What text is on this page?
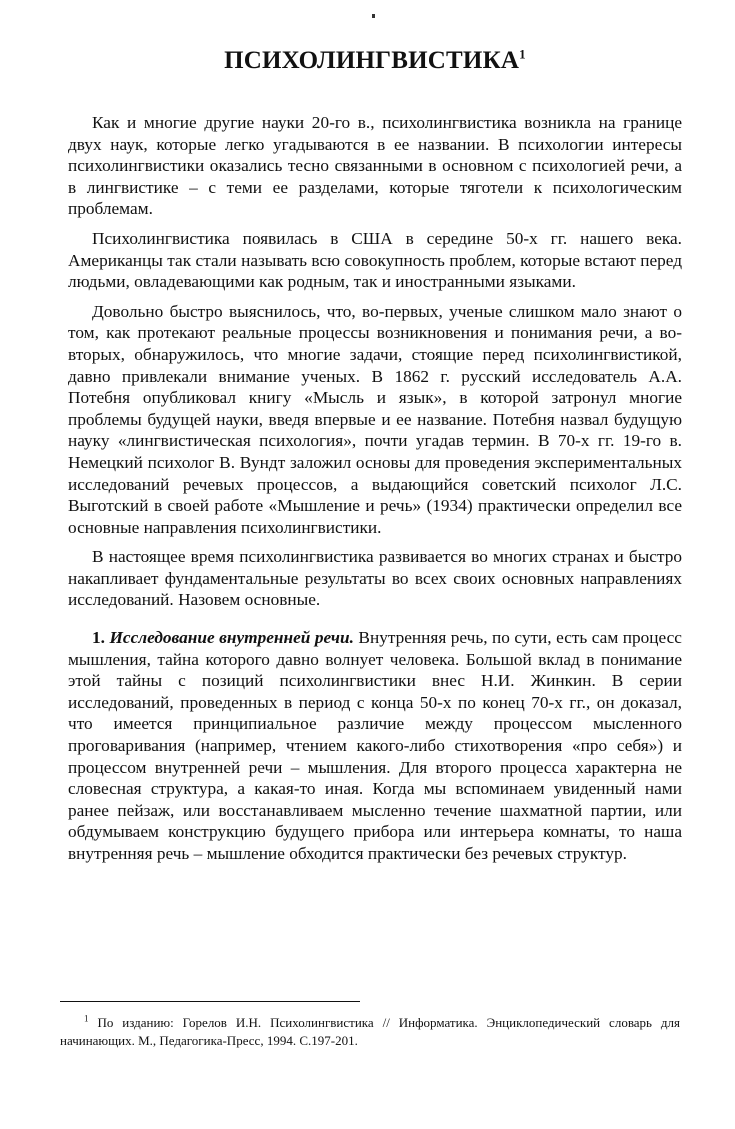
ПСИХОЛИНГВИСТИКА$^1$

Как и многие другие науки 20-го в., психолингвистика возникла на границе двух наук, которые легко угадываются в ее названии. В психологии интересы психолингвистики оказались тесно связанными в основном с психологией речи, а в лингвистике – с теми ее разделами, которые тяготели к психологическим проблемам.

Психолингвистика появилась в США в середине 50-х гг. нашего века. Американцы так стали называть всю совокупность проблем, которые встают перед людьми, овладевающими как родным, так и иностранными языками.

Довольно быстро выяснилось, что, во-первых, ученые слишком мало знают о том, как протекают реальные процессы возникновения и понимания речи, а во-вторых, обнаружилось, что многие задачи, стоящие перед психолингвистикой, давно привлекали внимание ученых. В 1862 г. русский исследователь А.А. Потебня опубликовал книгу «Мысль и язык», в которой затронул многие проблемы будущей науки, введя впервые и ее название. Потебня назвал будущую науку «лингвистическая психология», почти угадав термин. В 70-х гг. 19-го в. Немецкий психолог В. Вундт заложил основы для проведения экспериментальных исследований речевых процессов, а выдающийся советский психолог Л.С. Выготский в своей работе «Мышление и речь» (1934) практически определил все основные направления психолингвистики.

В настоящее время психолингвистика развивается во многих странах и быстро накапливает фундаментальные результаты во всех своих основных направлениях исследований. Назовем основные.

1. Исследование внутренней речи. Внутренняя речь, по сути, есть сам процесс мышления, тайна которого давно волнует человека. Большой вклад в понимание этой тайны с позиций психолингвистики внес Н.И. Жинкин. В серии исследований, проведенных в период с конца 50-х по конец 70-х гг., он доказал, что имеется принципиальное различие между процессом мысленного проговаривания (например, чтением какого-либо стихотворения «про себя») и процессом внутренней речи – мышления. Для второго процесса характерна не словесная структура, а какая-то иная. Когда мы вспоминаем увиденный нами ранее пейзаж, или восстанавливаем мысленно течение шахматной партии, или обдумываем конструкцию будущего прибора или интерьера комнаты, то наша внутренняя речь – мышление обходится практически без речевых структур.

$^1$ По изданию: Горелов И.Н. Психолингвистика // Информатика. Энциклопедический словарь для начинающих. М., Педагогика-Пресс, 1994. С.197-201.
